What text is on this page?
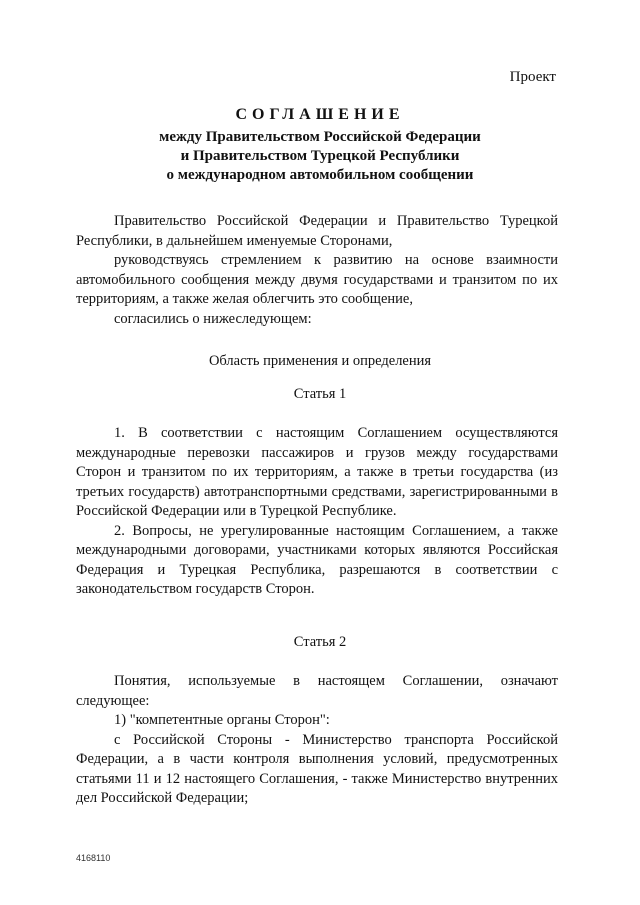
Проект
СОГЛАШЕНИЕ
между Правительством Российской Федерации
и Правительством Турецкой Республики
о международном автомобильном сообщении

Правительство Российской Федерации и Правительство Турецкой Республики, в дальнейшем именуемые Сторонами,

руководствуясь стремлением к развитию на основе взаимности автомобильного сообщения между двумя государствами и транзитом по их территориям, а также желая облегчить это сообщение,

согласились о нижеследующем:

Область применения и определения
Статья 1

1. В соответствии с настоящим Соглашением осуществляются международные перевозки пассажиров и грузов между государствами Сторон и транзитом по их территориям, а также в третьи государства (из третьих государств) автотранспортными средствами, зарегистрированными в Российской Федерации или в Турецкой Республике.

2. Вопросы, не урегулированные настоящим Соглашением, а также международными договорами, участниками которых являются Российская Федерация и Турецкая Республика, разрешаются в соответствии с законодательством государств Сторон.

Статья 2

Понятия, используемые в настоящем Соглашении, означают следующее:

1) "компетентные органы Сторон":

с Российской Стороны - Министерство транспорта Российской Федерации, а в части контроля выполнения условий, предусмотренных статьями 11 и 12 настоящего Соглашения, - также Министерство внутренних дел Российской Федерации;

4168110
